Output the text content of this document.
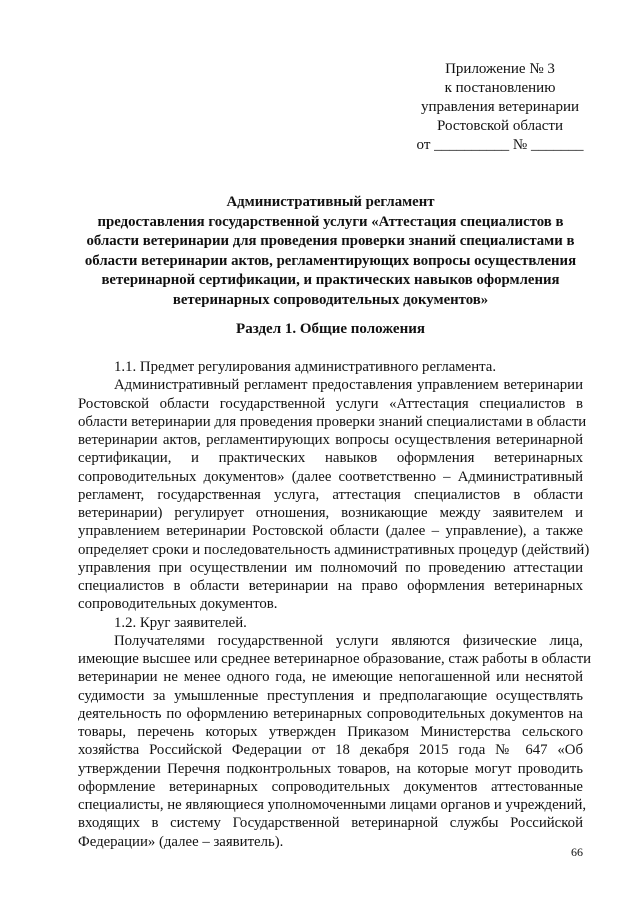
Приложение № 3
к постановлению
управления ветеринарии
Ростовской области
от __________ № _______
Административный регламент
предоставления государственной услуги «Аттестация специалистов в
области ветеринарии для проведения проверки знаний специалистами в
области ветеринарии актов, регламентирующих вопросы осуществления
ветеринарной сертификации, и практических навыков оформления
ветеринарных сопроводительных документов»
Раздел 1. Общие положения
1.1. Предмет регулирования административного регламента.
Административный регламент предоставления управлением ветеринарии
Ростовской области государственной услуги «Аттестация специалистов в
области ветеринарии для проведения проверки знаний специалистами в области
ветеринарии актов, регламентирующих вопросы осуществления ветеринарной
сертификации, и практических навыков оформления ветеринарных
сопроводительных документов» (далее соответственно – Административный
регламент, государственная услуга, аттестация специалистов в области
ветеринарии) регулирует отношения, возникающие между заявителем и
управлением ветеринарии Ростовской области (далее – управление), а также
определяет сроки и последовательность административных процедур (действий)
управления при осуществлении им полномочий по проведению аттестации
специалистов в области ветеринарии на право оформления ветеринарных
сопроводительных документов.
1.2. Круг заявителей.
Получателями государственной услуги являются физические лица,
имеющие высшее или среднее ветеринарное образование, стаж работы в области
ветеринарии не менее одного года, не имеющие непогашенной или неснятой
судимости за умышленные преступления и предполагающие осуществлять
деятельность по оформлению ветеринарных сопроводительных документов на
товары, перечень которых утвержден Приказом Министерства сельского
хозяйства Российской Федерации от 18 декабря 2015 года № 647 «Об
утверждении Перечня подконтрольных товаров, на которые могут проводить
оформление ветеринарных сопроводительных документов аттестованные
специалисты, не являющиеся уполномоченными лицами органов и учреждений,
входящих в систему Государственной ветеринарной службы Российской
Федерации» (далее – заявитель).
66
